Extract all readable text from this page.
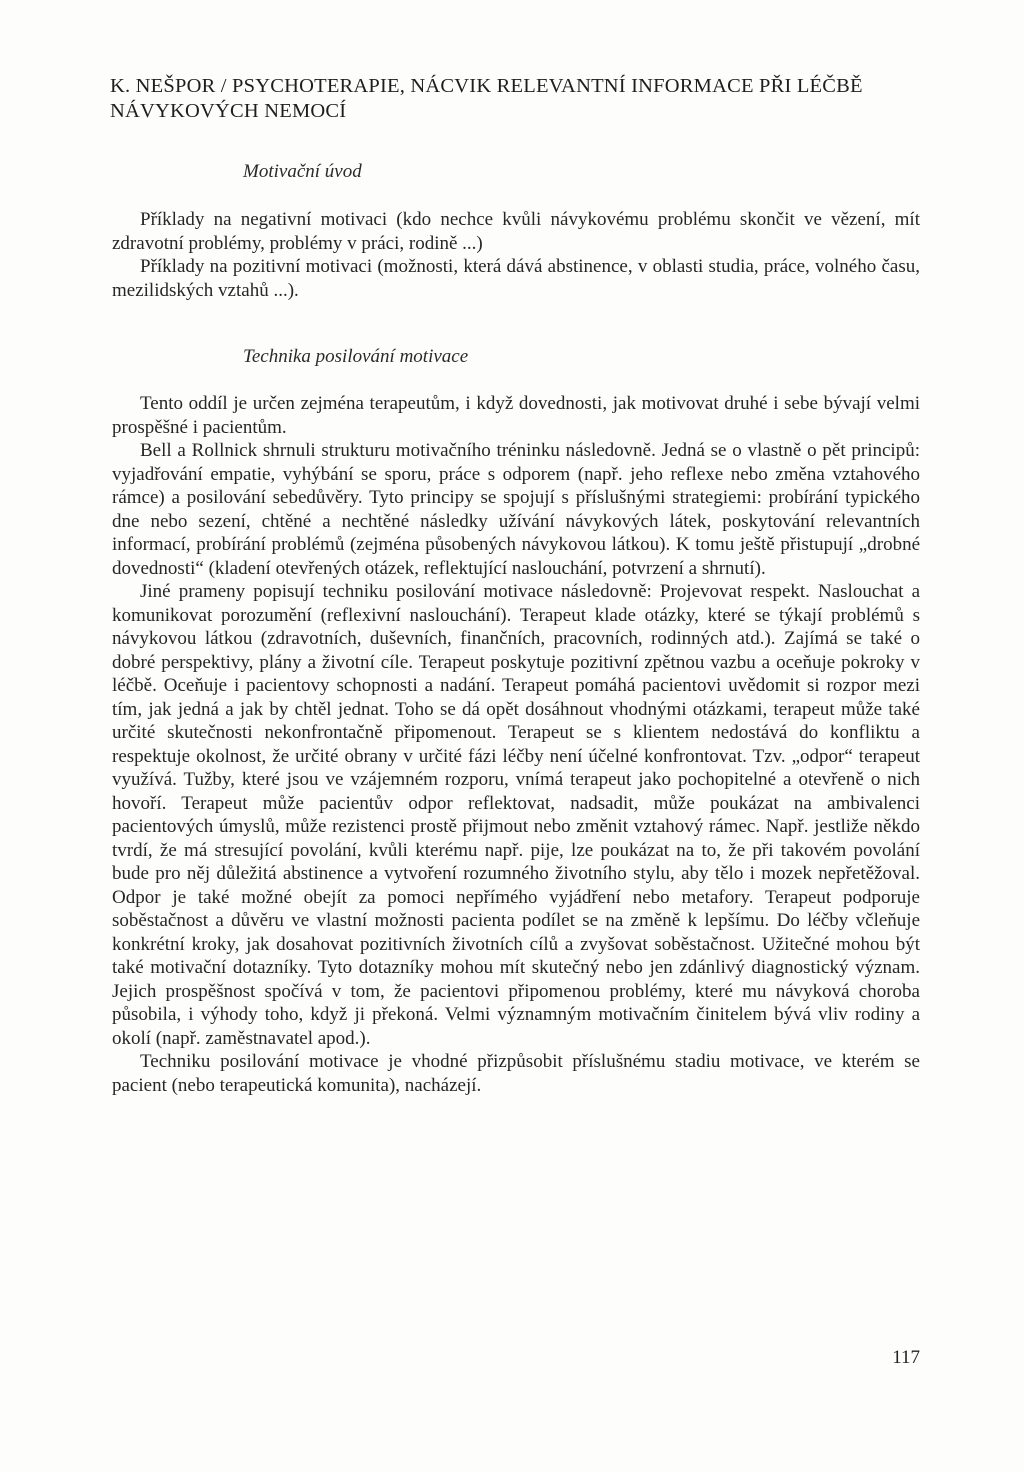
K. NEŠPOR / PSYCHOTERAPIE, NÁCVIK RELEVANTNÍ INFORMACE PŘI LÉČBĚ NÁVYKOVÝCH NEMOCÍ
Motivační úvod

Příklady na negativní motivaci (kdo nechce kvůli návykovému problému skončit ve vězení, mít zdravotní problémy, problémy v práci, rodině ...)

Příklady na pozitivní motivaci (možnosti, která dává abstinence, v oblasti studia, práce, volného času, mezilidských vztahů ...).

Technika posilování motivace

Tento oddíl je určen zejména terapeutům, i když dovednosti, jak motivovat druhé i sebe bývají velmi prospěšné i pacientům.

Bell a Rollnick shrnuli strukturu motivačního tréninku následovně. Jedná se o vlastně o pět principů: vyjadřování empatie, vyhýbání se sporu, práce s odporem (např. jeho reflexe nebo změna vztahového rámce) a posilování sebedůvěry. Tyto principy se spojují s příslušnými strategiemi: probírání typického dne nebo sezení, chtěné a nechtěné následky užívání návykových látek, poskytování relevantních informací, probírání problémů (zejména působených návykovou látkou). K tomu ještě přistupují „drobné dovednosti“ (kladení otevřených otázek, reflektující naslouchání, potvrzení a shrnutí).

Jiné prameny popisují techniku posilování motivace následovně: Projevovat respekt. Naslouchat a komunikovat porozumění (reflexivní naslouchání). Terapeut klade otázky, které se týkají problémů s návykovou látkou (zdravotních, duševních, finančních, pracovních, rodinných atd.). Zajímá se také o dobré perspektivy, plány a životní cíle. Terapeut poskytuje pozitivní zpětnou vazbu a oceňuje pokroky v léčbě. Oceňuje i pacientovy schopnosti a nadání. Terapeut pomáhá pacientovi uvědomit si rozpor mezi tím, jak jedná a jak by chtěl jednat. Toho se dá opět dosáhnout vhodnými otázkami, terapeut může také určité skutečnosti nekonfrontačně připomenout. Terapeut se s klientem nedostává do konfliktu a respektuje okolnost, že určité obrany v určité fázi léčby není účelné konfrontovat. Tzv. „odpor“ terapeut využívá. Tužby, které jsou ve vzájemném rozporu, vnímá terapeut jako pochopitelné a otevřeně o nich hovoří. Terapeut může pacientův odpor reflektovat, nadsadit, může poukázat na ambivalenci pacientových úmyslů, může rezistenci prostě přijmout nebo změnit vztahový rámec. Např. jestliže někdo tvrdí, že má stresující povolání, kvůli kterému např. pije, lze poukázat na to, že při takovém povolání bude pro něj důležitá abstinence a vytvoření rozumného životního stylu, aby tělo i mozek nepřetěžoval. Odpor je také možné obejít za pomoci nepřímého vyjádření nebo metafory. Terapeut podporuje soběstačnost a důvěru ve vlastní možnosti pacienta podílet se na změně k lepšímu. Do léčby včleňuje konkrétní kroky, jak dosahovat pozitivních životních cílů a zvyšovat soběstačnost. Užitečné mohou být také motivační dotazníky. Tyto dotazníky mohou mít skutečný nebo jen zdánlivý diagnostický význam. Jejich prospěšnost spočívá v tom, že pacientovi připomenou problémy, které mu návyková choroba působila, i výhody toho, když ji překoná. Velmi významným motivačním činitelem bývá vliv rodiny a okolí (např. zaměstnavatel apod.).

Techniku posilování motivace je vhodné přizpůsobit příslušnému stadiu motivace, ve kterém se pacient (nebo terapeutická komunita), nacházejí.

117
